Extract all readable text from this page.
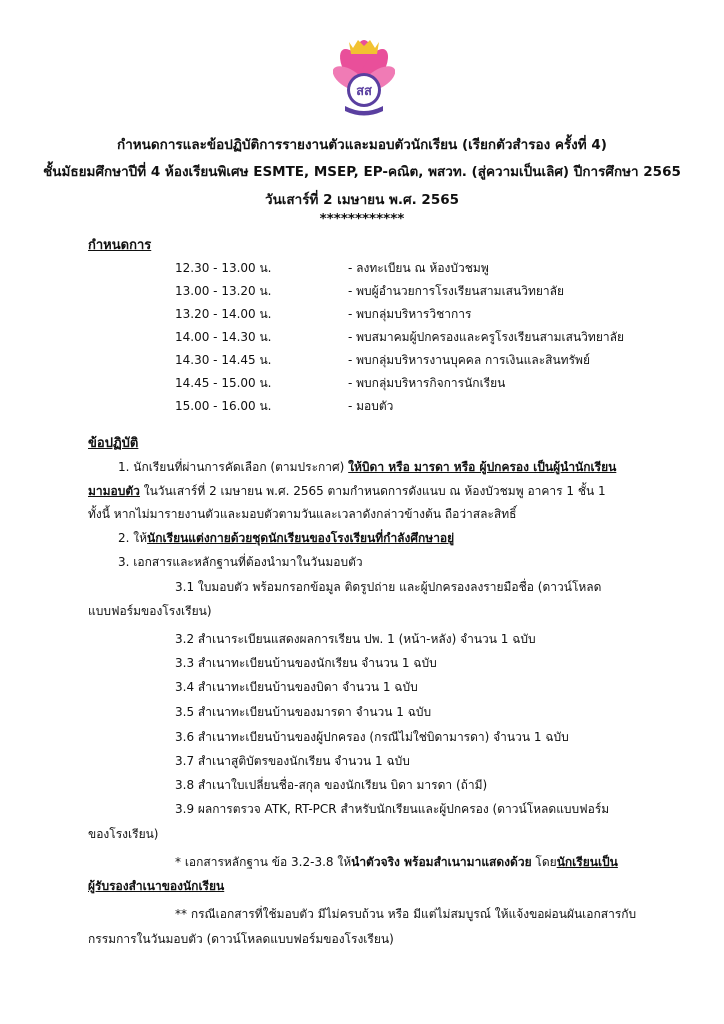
สส
กำหนดการและข้อปฏิบัติการรายงานตัวและมอบตัวนักเรียน (เรียกตัวสำรอง ครั้งที่ 4)
ชั้นมัธยมศึกษาปีที่ 4 ห้องเรียนพิเศษ ESMTE, MSEP, EP-คณิต, พสวท. (สู่ความเป็นเลิศ) ปีการศึกษา 2565
วันเสาร์ที่ 2 เมษายน พ.ศ. 2565
************
กำหนดการ
12.30 - 13.00 น.	- ลงทะเบียน ณ ห้องบัวชมพู
13.00 - 13.20 น.	- พบผู้อำนวยการโรงเรียนสามเสนวิทยาลัย
13.20 - 14.00 น.	- พบกลุ่มบริหารวิชาการ
14.00 - 14.30 น.	- พบสมาคมผู้ปกครองและครูโรงเรียนสามเสนวิทยาลัย
14.30 - 14.45 น.	- พบกลุ่มบริหารงานบุคคล การเงินและสินทรัพย์
14.45 - 15.00 น.	- พบกลุ่มบริหารกิจการนักเรียน
15.00 - 16.00 น.	- มอบตัว
ข้อปฏิบัติ
1. นักเรียนที่ผ่านการคัดเลือก (ตามประกาศ) ให้บิดา หรือ มารดา หรือ ผู้ปกครอง เป็นผู้นำนักเรียน
มามอบตัว ในวันเสาร์ที่ 2 เมษายน พ.ศ. 2565 ตามกำหนดการดังแนบ ณ ห้องบัวชมพู อาคาร 1 ชั้น 1
ทั้งนี้ หากไม่มารายงานตัวและมอบตัวตามวันและเวลาดังกล่าวข้างต้น ถือว่าสละสิทธิ์
2. ให้นักเรียนแต่งกายด้วยชุดนักเรียนของโรงเรียนที่กำลังศึกษาอยู่
3. เอกสารและหลักฐานที่ต้องนำมาในวันมอบตัว
3.1 ใบมอบตัว พร้อมกรอกข้อมูล ติดรูปถ่าย และผู้ปกครองลงรายมือชื่อ (ดาวน์โหลด
แบบฟอร์มของโรงเรียน)
3.2 สำเนาระเบียนแสดงผลการเรียน ปพ. 1 (หน้า-หลัง) จำนวน 1 ฉบับ
3.3 สำเนาทะเบียนบ้านของนักเรียน จำนวน 1 ฉบับ
3.4 สำเนาทะเบียนบ้านของบิดา จำนวน 1 ฉบับ
3.5 สำเนาทะเบียนบ้านของมารดา จำนวน 1 ฉบับ
3.6 สำเนาทะเบียนบ้านของผู้ปกครอง (กรณีไม่ใช่บิดามารดา) จำนวน 1 ฉบับ
3.7 สำเนาสูติบัตรของนักเรียน จำนวน 1 ฉบับ
3.8 สำเนาใบเปลี่ยนชื่อ-สกุล ของนักเรียน บิดา มารดา (ถ้ามี)
3.9 ผลการตรวจ ATK, RT-PCR สำหรับนักเรียนและผู้ปกครอง (ดาวน์โหลดแบบฟอร์ม
ของโรงเรียน)
* เอกสารหลักฐาน ข้อ 3.2-3.8 ให้นำตัวจริง พร้อมสำเนามาแสดงด้วย โดยนักเรียนเป็น
ผู้รับรองสำเนาของนักเรียน
** กรณีเอกสารที่ใช้มอบตัว มีไม่ครบถ้วน หรือ มีแต่ไม่สมบูรณ์ ให้แจ้งขอผ่อนผันเอกสารกับ
กรรมการในวันมอบตัว (ดาวน์โหลดแบบฟอร์มของโรงเรียน)
